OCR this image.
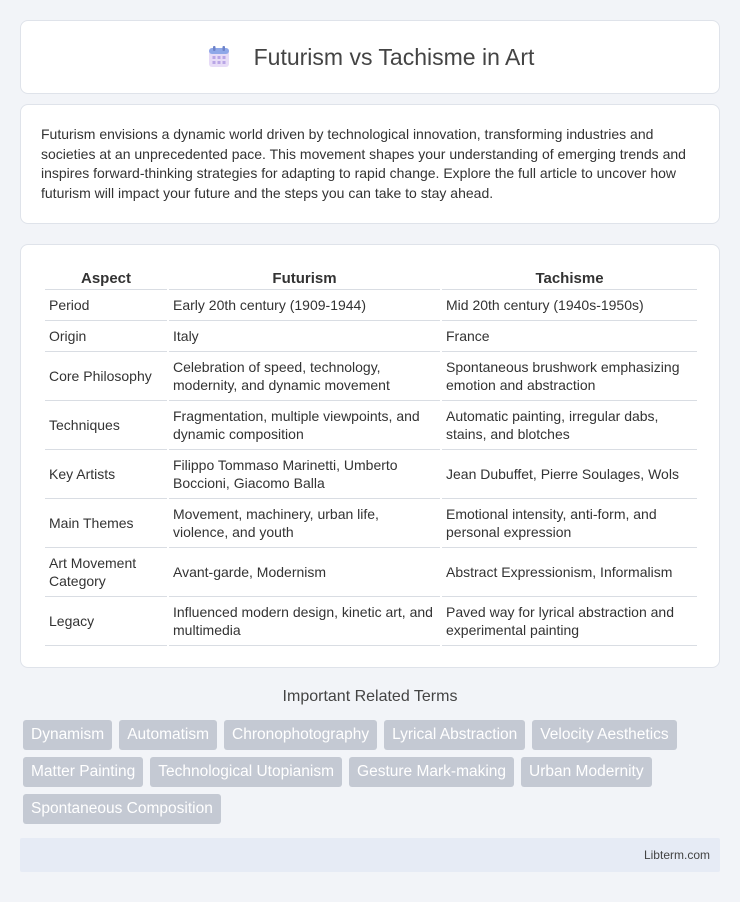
Futurism vs Tachisme in Art

Futurism envisions a dynamic world driven by technological innovation, transforming industries and societies at an unprecedented pace. This movement shapes your understanding of emerging trends and inspires forward-thinking strategies for adapting to rapid change. Explore the full article to uncover how futurism will impact your future and the steps you can take to stay ahead.

Aspect	Futurism	Tachisme
Period	Early 20th century (1909-1944)	Mid 20th century (1940s-1950s)
Origin	Italy	France
Core Philosophy	Celebration of speed, technology, modernity, and dynamic movement	Spontaneous brushwork emphasizing emotion and abstraction
Techniques	Fragmentation, multiple viewpoints, and dynamic composition	Automatic painting, irregular dabs, stains, and blotches
Key Artists	Filippo Tommaso Marinetti, Umberto Boccioni, Giacomo Balla	Jean Dubuffet, Pierre Soulages, Wols
Main Themes	Movement, machinery, urban life, violence, and youth	Emotional intensity, anti-form, and personal expression
Art Movement Category	Avant-garde, Modernism	Abstract Expressionism, Informalism
Legacy	Influenced modern design, kinetic art, and multimedia	Paved way for lyrical abstraction and experimental painting
Important Related Terms
Dynamism	Automatism	Chronophotography	Lyrical Abstraction	Velocity Aesthetics
Matter Painting	Technological Utopianism	Gesture Mark-making	Urban Modernity
Spontaneous Composition
Libterm.com
